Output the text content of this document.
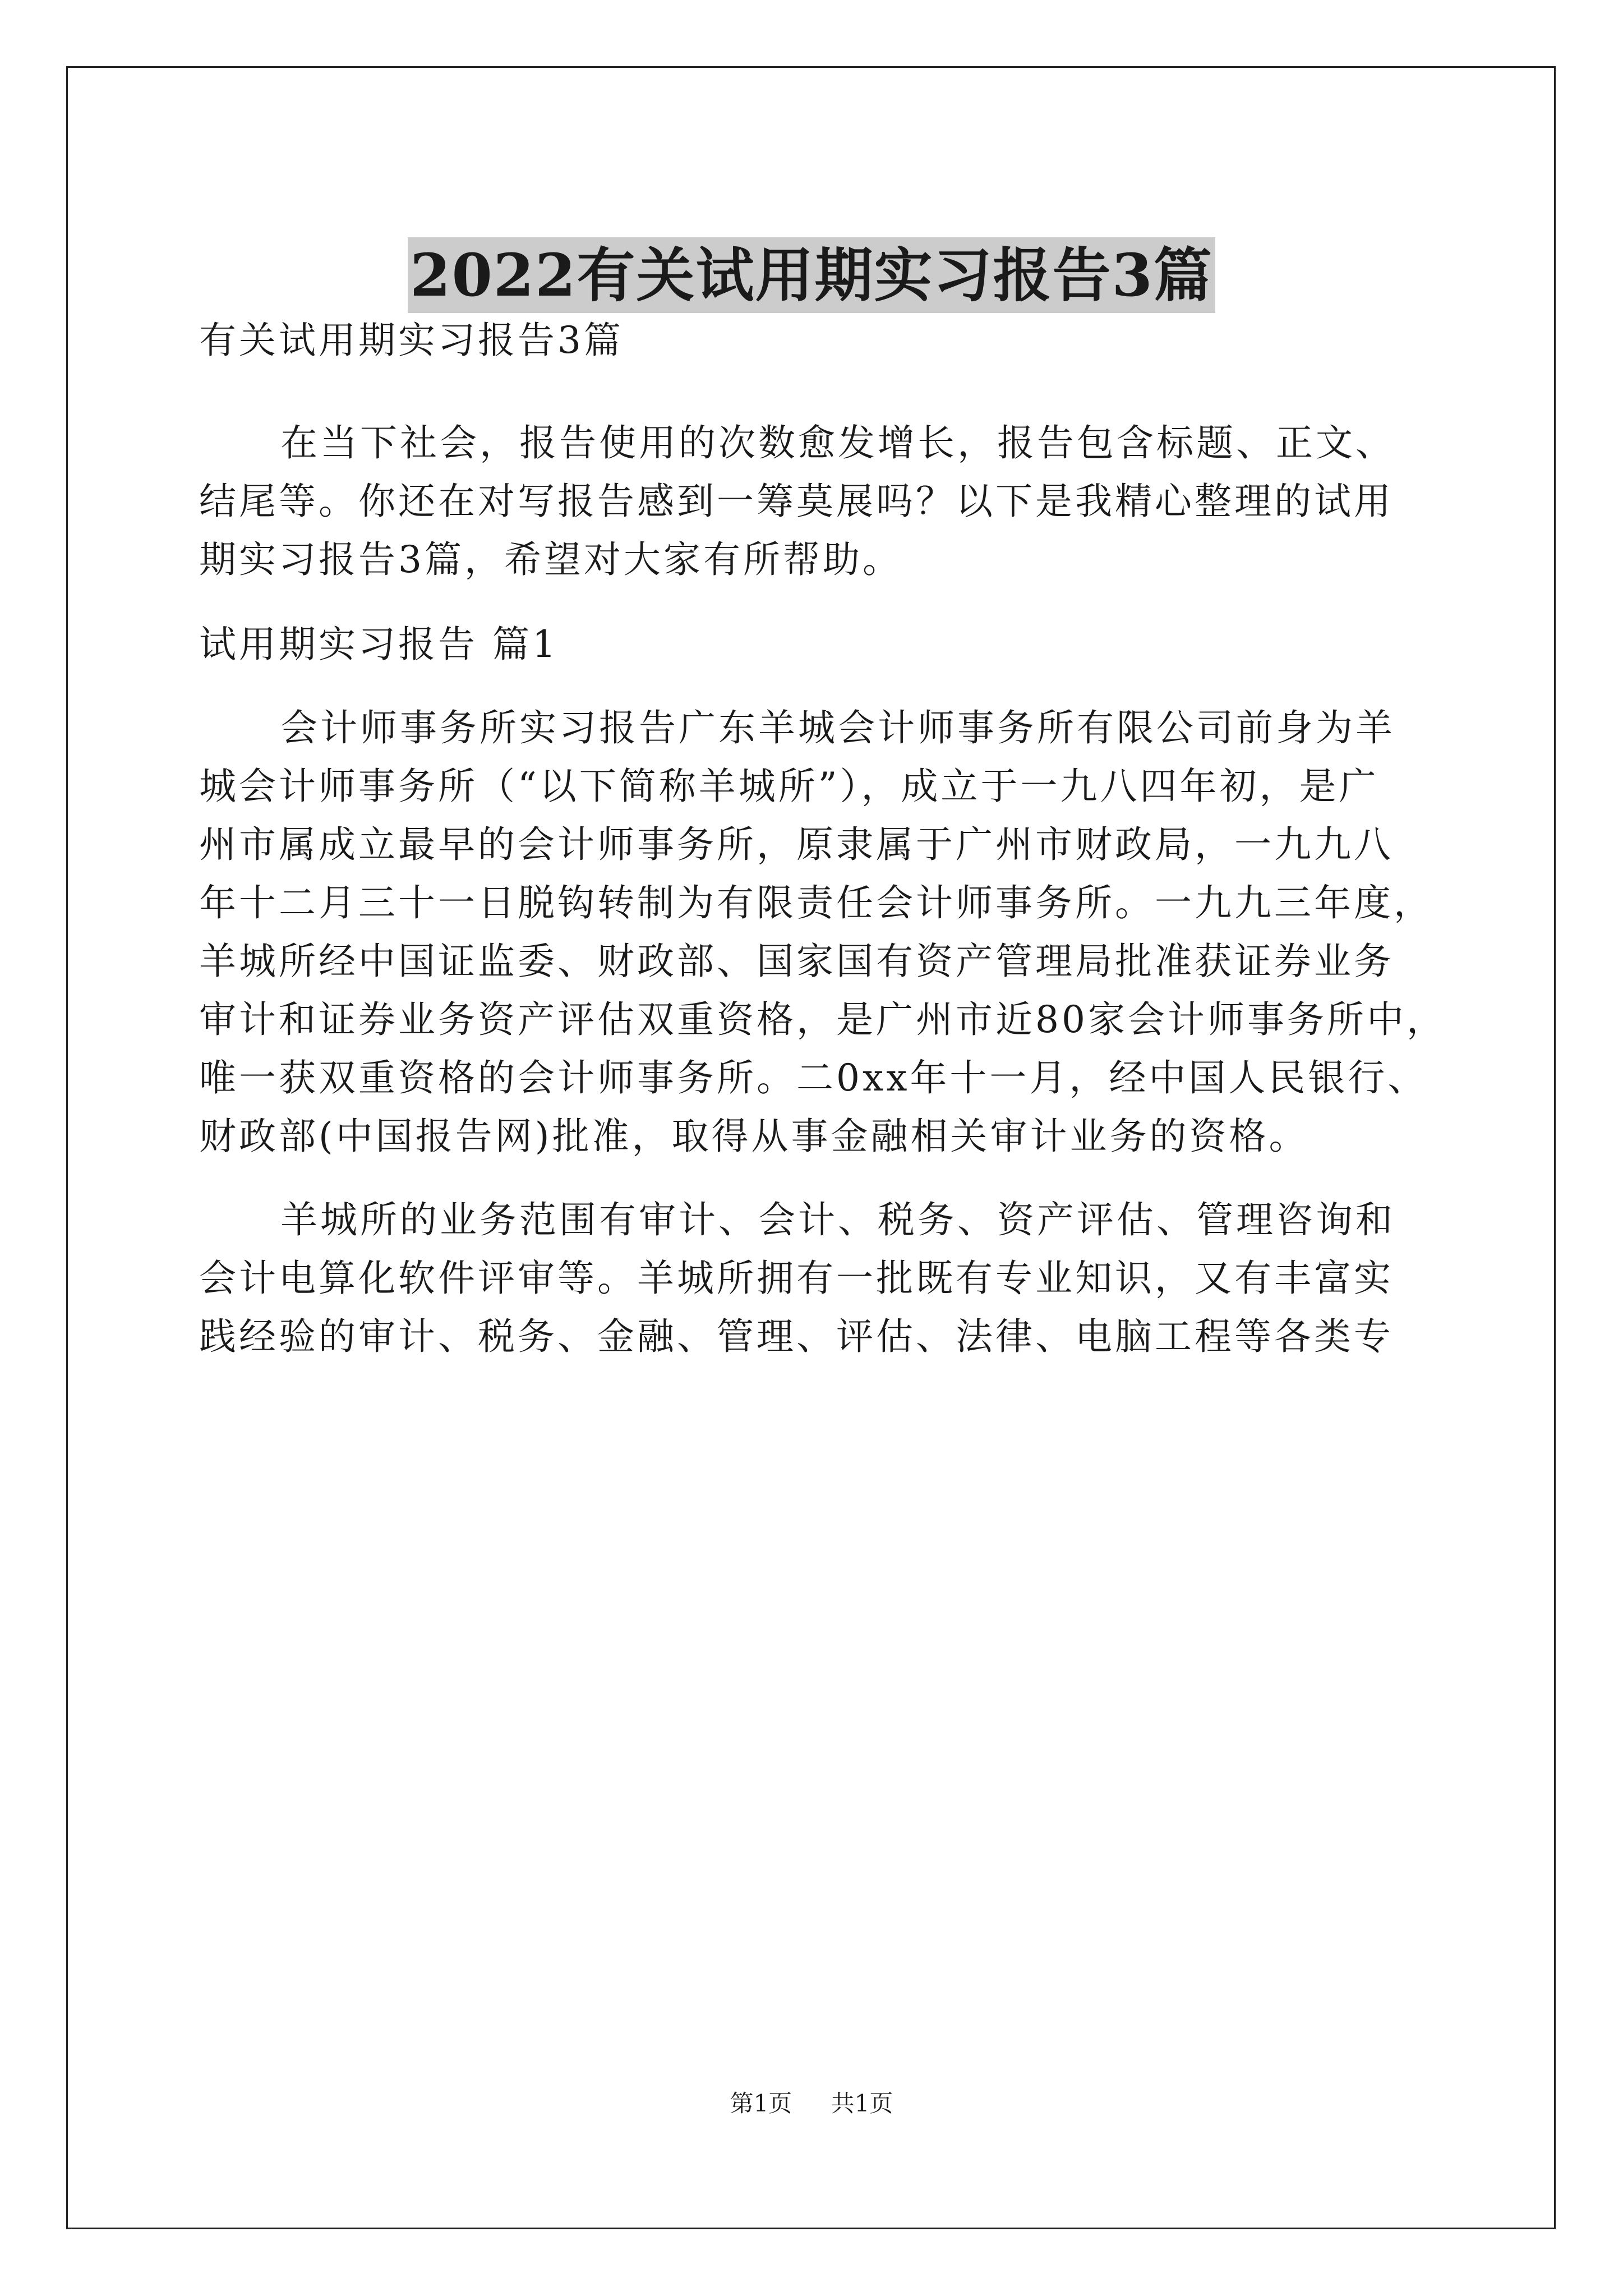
2022有关试用期实习报告3篇

有关试用期实习报告3篇

在当下社会，报告使用的次数愈发增长，报告包含标题、正文、

结尾等。你还在对写报告感到一筹莫展吗？以下是我精心整理的试用

期实习报告3篇，希望对大家有所帮助。

试用期实习报告 篇1

会计师事务所实习报告广东羊城会计师事务所有限公司前身为羊

城会计师事务所（“以下简称羊城所”），成立于一九八四年初，是广

州市属成立最早的会计师事务所，原隶属于广州市财政局，一九九八

年十二月三十一日脱钩转制为有限责任会计师事务所。一九九三年度，

羊城所经中国证监委、财政部、国家国有资产管理局批准获证券业务

审计和证券业务资产评估双重资格，是广州市近80家会计师事务所中，

唯一获双重资格的会计师事务所。二0xx年十一月，经中国人民银行、

财政部(中国报告网)批准，取得从事金融相关审计业务的资格。

羊城所的业务范围有审计、会计、税务、资产评估、管理咨询和

会计电算化软件评审等。羊城所拥有一批既有专业知识，又有丰富实

践经验的审计、税务、金融、管理、评估、法律、电脑工程等各类专

第1页 共1页
